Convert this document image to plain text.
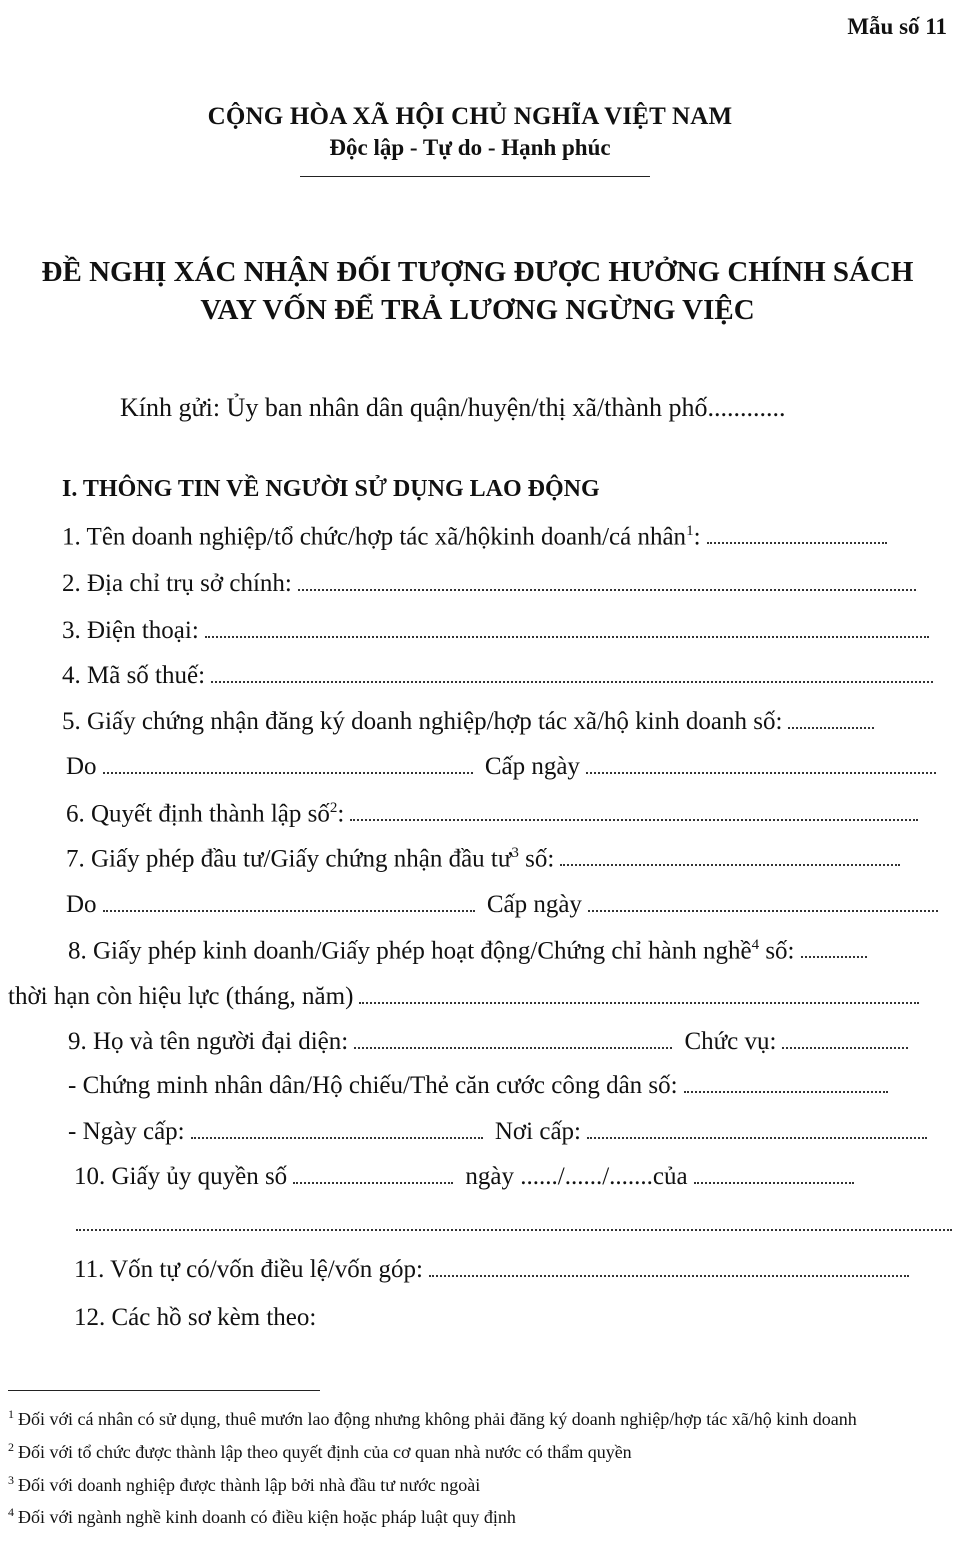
Mẫu số 11
CỘNG HÒA XÃ HỘI CHỦ NGHĨA VIỆT NAM
Độc lập - Tự do - Hạnh phúc
ĐỀ NGHỊ XÁC NHẬN ĐỐI TƯỢNG ĐƯỢC HƯỞNG CHÍNH SÁCH
VAY VỐN ĐỂ TRẢ LƯƠNG NGỪNG VIỆC
Kính gửi: Ủy ban nhân dân quận/huyện/thị xã/thành phố............
I. THÔNG TIN VỀ NGƯỜI SỬ DỤNG LAO ĐỘNG
1. Tên doanh nghiệp/tổ chức/hợp tác xã/hộkinh doanh/cá nhân$^1$:
2. Địa chỉ trụ sở chính:
3. Điện thoại:
4. Mã số thuế:
5. Giấy chứng nhận đăng ký doanh nghiệp/hợp tác xã/hộ kinh doanh số:
Do	Cấp ngày
6. Quyết định thành lập số$^2$:
7. Giấy phép đầu tư/Giấy chứng nhận đầu $tư^3$ số:
Do	Cấp ngày
8. Giấy phép kinh doanh/Giấy phép hoạt động/Chứng chỉ hành nghề$^4$ số:
thời hạn còn hiệu lực (tháng, năm)
9. Họ và tên người đại diện:	Chức vụ:
- Chứng minh nhân dân/Hộ chiếu/Thẻ căn cước công dân số:
- Ngày cấp:	Nơi cấp:
10. Giấy ủy quyền số	ngày ....../....../.......của
11. Vốn tự có/vốn điều lệ/vốn góp:
12. Các hồ sơ kèm theo:
$^1$ Đối với cá nhân có sử dụng, thuê mướn lao động nhưng không phải đăng ký doanh nghiệp/hợp tác xã/hộ kinh doanh
$^2$ Đối với tổ chức được thành lập theo quyết định của cơ quan nhà nước có thẩm quyền
$^3$ Đối với doanh nghiệp được thành lập bởi nhà đầu tư nước ngoài
$^4$ Đối với ngành nghề kinh doanh có điều kiện hoặc pháp luật quy định
